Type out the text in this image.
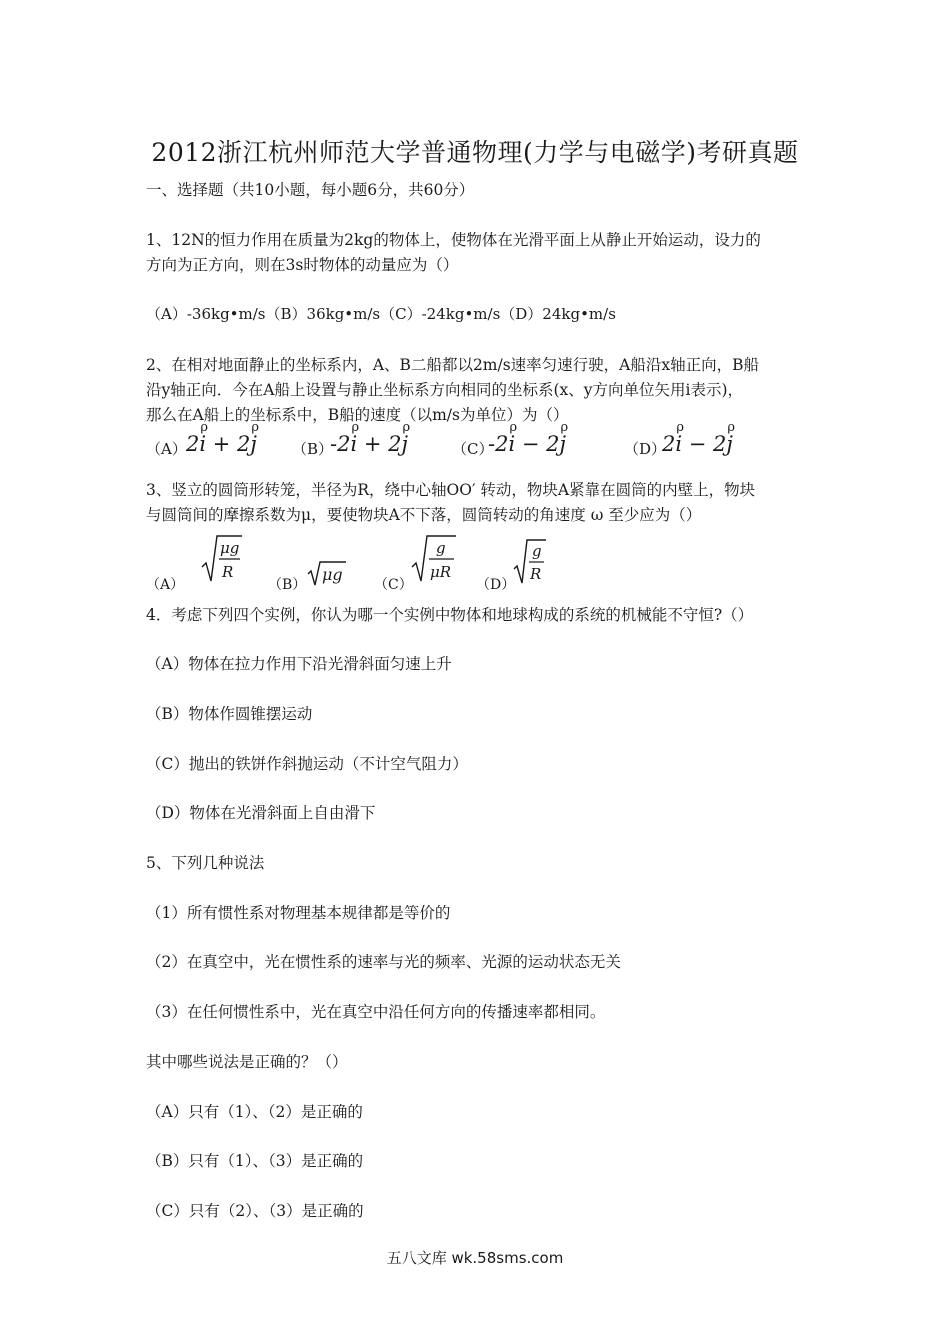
2012浙江杭州师范大学普通物理(力学与电磁学)考研真题
一、选择题（共10小题，每小题6分，共60分）
1、12N的恒力作用在质量为2kg的物体上，使物体在光滑平面上从静止开始运动，设力的
方向为正方向，则在3s时物体的动量应为（）
（A）-36kg•m/s（B）36kg•m/s（C）-24kg•m/s（D）24kg•m/s
2、在相对地面静止的坐标系内，A、B二船都以2m/s速率匀速行驶，A船沿x轴正向，B船
沿y轴正向．今在A船上设置与静止坐标系方向相同的坐标系(x、y方向单位矢用i表示)，
那么在A船上的坐标系中，B船的速度（以m/s为单位）为（）
（A） 2i
ρ
+ 2j
ρ
（B）
-2i
ρ
+ 2j
ρ
（C）
-2i
ρ
− 2j
ρ
（D）
2i
ρ
− 2j
ρ
3、竖立的圆筒形转笼，半径为R，绕中心轴OO′ 转动，物块A紧靠在圆筒的内壁上，物块
与圆筒间的摩擦系数为μ，要使物块A不下落，圆筒转动的角速度 ω 至少应为（）
（A）
μg
R
（B）
μg
（C）
g
μR
（D）
g
R
4．考虑下列四个实例，你认为哪一个实例中物体和地球构成的系统的机械能不守恒?（）
（A）物体在拉力作用下沿光滑斜面匀速上升
（B）物体作圆锥摆运动
（C）抛出的铁饼作斜抛运动（不计空气阻力）
（D）物体在光滑斜面上自由滑下
5、下列几种说法
（1）所有惯性系对物理基本规律都是等价的
（2）在真空中，光在惯性系的速率与光的频率、光源的运动状态无关
（3）在任何惯性系中，光在真空中沿任何方向的传播速率都相同。
其中哪些说法是正确的？（）
（A）只有（1）、（2）是正确的
（B）只有（1）、（3）是正确的
（C）只有（2）、（3）是正确的
五八文库 wk.58sms.com
